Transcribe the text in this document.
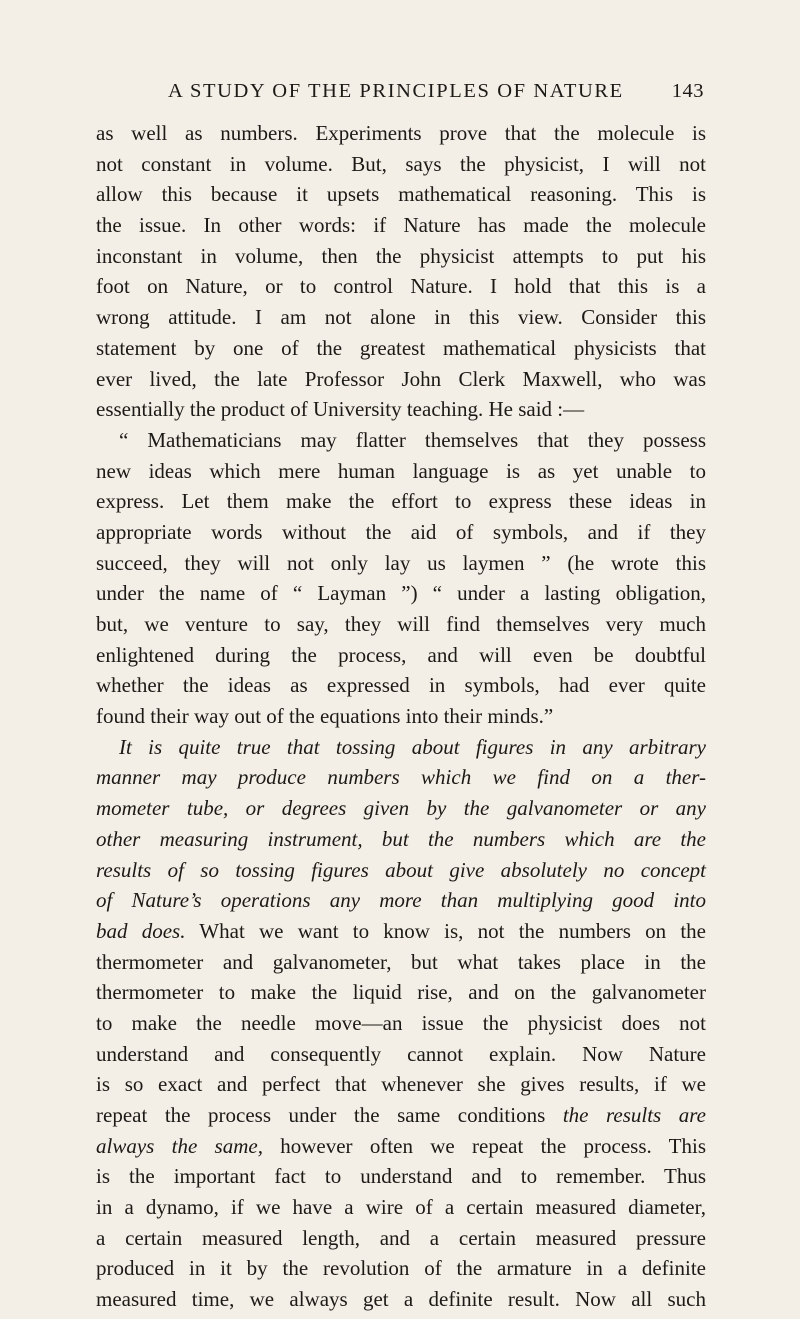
A STUDY OF THE PRINCIPLES OF NATURE 143
as well as numbers. Experiments prove that the molecule is
not constant in volume. But, says the physicist, I will not
allow this because it upsets mathematical reasoning. This is
the issue. In other words: if Nature has made the molecule
inconstant in volume, then the physicist attempts to put his
foot on Nature, or to control Nature. I hold that this is a
wrong attitude. I am not alone in this view. Consider this
statement by one of the greatest mathematical physicists that
ever lived, the late Professor John Clerk Maxwell, who was
essentially the product of University teaching. He said :—
“ Mathematicians may flatter themselves that they possess
new ideas which mere human language is as yet unable to
express. Let them make the effort to express these ideas in
appropriate words without the aid of symbols, and if they
succeed, they will not only lay us laymen ” (he wrote this
under the name of “ Layman ”) “ under a lasting obligation,
but, we venture to say, they will find themselves very much
enlightened during the process, and will even be doubtful
whether the ideas as expressed in symbols, had ever quite
found their way out of the equations into their minds.”
It is quite true that tossing about figures in any arbitrary
manner may produce numbers which we find on a ther-
mometer tube, or degrees given by the galvanometer or any
other measuring instrument, but the numbers which are the
results of so tossing figures about give absolutely no concept
of Nature’s operations any more than multiplying good into
bad does. What we want to know is, not the numbers on the
thermometer and galvanometer, but what takes place in the
thermometer to make the liquid rise, and on the galvanometer
to make the needle move—an issue the physicist does not
understand and consequently cannot explain. Now Nature
is so exact and perfect that whenever she gives results, if we
repeat the process under the same conditions the results are
always the same, however often we repeat the process. This
is the important fact to understand and to remember. Thus
in a dynamo, if we have a wire of a certain measured diameter,
a certain measured length, and a certain measured pressure
produced in it by the revolution of the armature in a definite
measured time, we always get a definite result. Now all such
